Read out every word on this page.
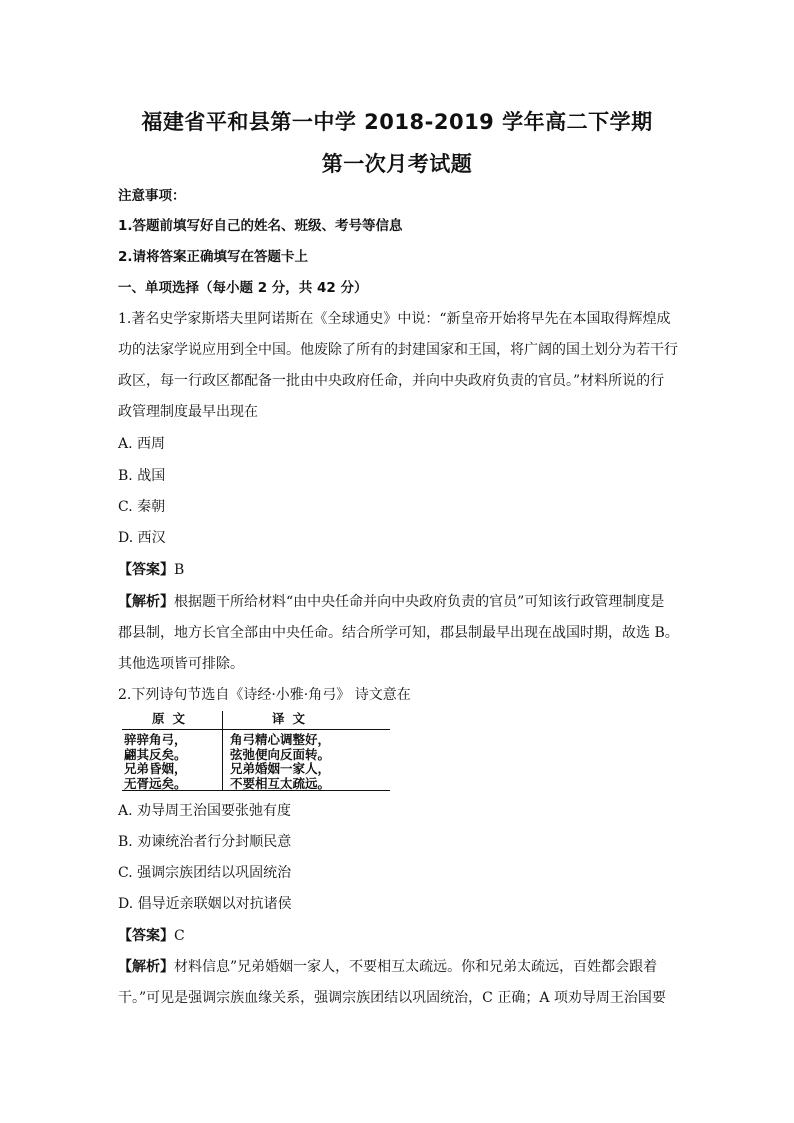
福建省平和县第一中学 2018-2019 学年高二下学期
第一次月考试题
注意事项：
1.答题前填写好自己的姓名、班级、考号等信息
2.请将答案正确填写在答题卡上
一、单项选择（每小题 2 分，共 42 分）
1.著名史学家斯塔夫里阿诺斯在《全球通史》中说：“新皇帝开始将早先在本国取得辉煌成
功的法家学说应用到全中国。他废除了所有的封建国家和王国，将广阔的国土划分为若干行
政区，每一行政区都配备一批由中央政府任命，并向中央政府负责的官员。”材料所说的行
政管理制度最早出现在
A. 西周
B. 战国
C. 秦朝
D. 西汉
【答案】B
【解析】根据题干所给材料“由中央任命并向中央政府负责的官员”可知该行政管理制度是
郡县制，地方长官全部由中央任命。结合所学可知，郡县制最早出现在战国时期，故选 B。
其他选项皆可排除。
2.下列诗句节选自《诗经·小雅·角弓》 诗文意在
原文	译文
骍骍角弓，
翩其反矣。
兄弟昏姻，
无胥远矣。
角弓精心调整好，
弦弛便向反面转。
兄弟婚姻一家人，
不要相互太疏远。
A. 劝导周王治国要张弛有度
B. 劝谏统治者行分封顺民意
C. 强调宗族团结以巩固统治
D. 倡导近亲联姻以对抗诸侯
【答案】C
【解析】材料信息”兄弟婚姻一家人，不要相互太疏远。你和兄弟太疏远，百姓都会跟着
干。”可见是强调宗族血缘关系，强调宗族团结以巩固统治，C 正确；A 项劝导周王治国要
